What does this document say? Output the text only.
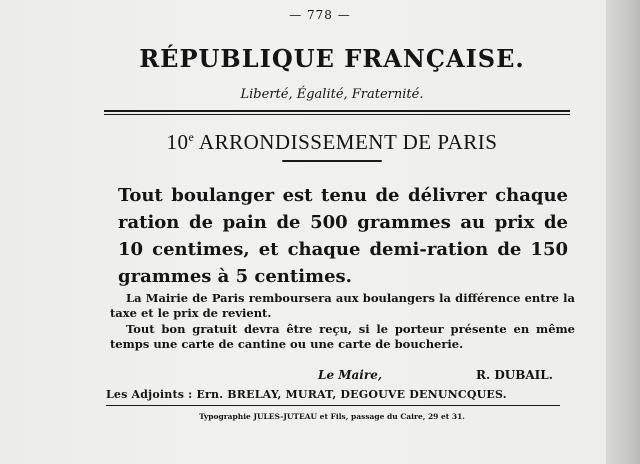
— 778 —
RÉPUBLIQUE FRANÇAISE.
Liberté, Égalité, Fraternité.
10e ARRONDISSEMENT DE PARIS
Tout boulanger est tenu de délivrer chaque ration de pain de 500 grammes au prix de 10 centimes, et chaque demi-ration de 150 grammes à 5 centimes.
La Mairie de Paris remboursera aux boulangers la différence entre la taxe et le prix de revient.
Tout bon gratuit devra être reçu, si le porteur présente en même temps une carte de cantine ou une carte de boucherie.
Le Maire,	R. DUBAIL.
Les Adjoints : Ern. BRELAY, MURAT, DEGOUVE DENUNCQUES.
Typographie JULES-JUTEAU et Fils, passage du Caire, 29 et 31.
